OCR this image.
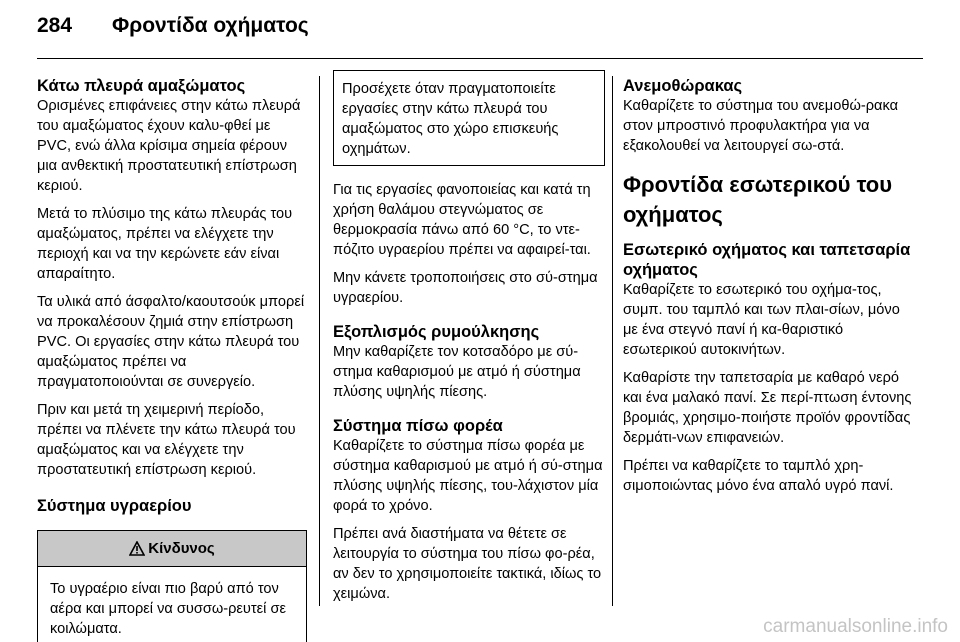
284 Φροντίδα οχήματος
Κάτω πλευρά αμαξώματος

Ορισμένες επιφάνειες στην κάτω πλευρά του αμαξώματος έχουν καλυ-φθεί με PVC, ενώ άλλα κρίσιμα σημεία φέρουν μια ανθεκτική προστατευτική επίστρωση κεριού.

Μετά το πλύσιμο της κάτω πλευράς του αμαξώματος, πρέπει να ελέγχετε την περιοχή και να την κερώνετε εάν είναι απαραίτητο.

Τα υλικά από άσφαλτο/καουτσούκ μπορεί να προκαλέσουν ζημιά στην επίστρωση PVC. Οι εργασίες στην κάτω πλευρά του αμαξώματος πρέπει να πραγματοποιούνται σε συνεργείο.

Πριν και μετά τη χειμερινή περίοδο, πρέπει να πλένετε την κάτω πλευρά του αμαξώματος και να ελέγχετε την προστατευτική επίστρωση κεριού.

Σύστημα υγραερίου
Κίνδυνος

Το υγραέριο είναι πιο βαρύ από τον αέρα και μπορεί να συσσω-ρευτεί σε κοιλώματα.

Προσέχετε όταν πραγματοποιείτε εργασίες στην κάτω πλευρά του αμαξώματος στο χώρο επισκευής οχημάτων.

Για τις εργασίες φανοποιείας και κατά τη χρήση θαλάμου στεγνώματος σε θερμοκρασία πάνω από 60 °C, το ντε-πόζιτο υγραερίου πρέπει να αφαιρεί-ται.

Μην κάνετε τροποποιήσεις στο σύ-στημα υγραερίου.

Εξοπλισμός ρυμούλκησης

Μην καθαρίζετε τον κοτσαδόρο με σύ-στημα καθαρισμού με ατμό ή σύστημα πλύσης υψηλής πίεσης.

Σύστημα πίσω φορέα

Καθαρίζετε το σύστημα πίσω φορέα με σύστημα καθαρισμού με ατμό ή σύ-στημα πλύσης υψηλής πίεσης, του-λάχιστον μία φορά το χρόνο.

Πρέπει ανά διαστήματα να θέτετε σε λειτουργία το σύστημα του πίσω φο-ρέα, αν δεν το χρησιμοποιείτε τακτικά, ιδίως το χειμώνα.

Ανεμοθώρακας

Καθαρίζετε το σύστημα του ανεμοθώ-ρακα στον μπροστινό προφυλακτήρα για να εξακολουθεί να λειτουργεί σω-στά.

Φροντίδα εσωτερικού του οχήματος
Εσωτερικό οχήματος και ταπετσαρία οχήματος

Καθαρίζετε το εσωτερικό του οχήμα-τος, συμπ. του ταμπλό και των πλαι-σίων, μόνο με ένα στεγνό πανί ή κα-θαριστικό εσωτερικού αυτοκινήτων.

Καθαρίστε την ταπετσαρία με καθαρό νερό και ένα μαλακό πανί. Σε περί-πτωση έντονης βρομιάς, χρησιμο-ποιήστε προϊόν φροντίδας δερμάτι-νων επιφανειών.

Πρέπει να καθαρίζετε το ταμπλό χρη-σιμοποιώντας μόνο ένα απαλό υγρό πανί.

carmanualsonline.info
